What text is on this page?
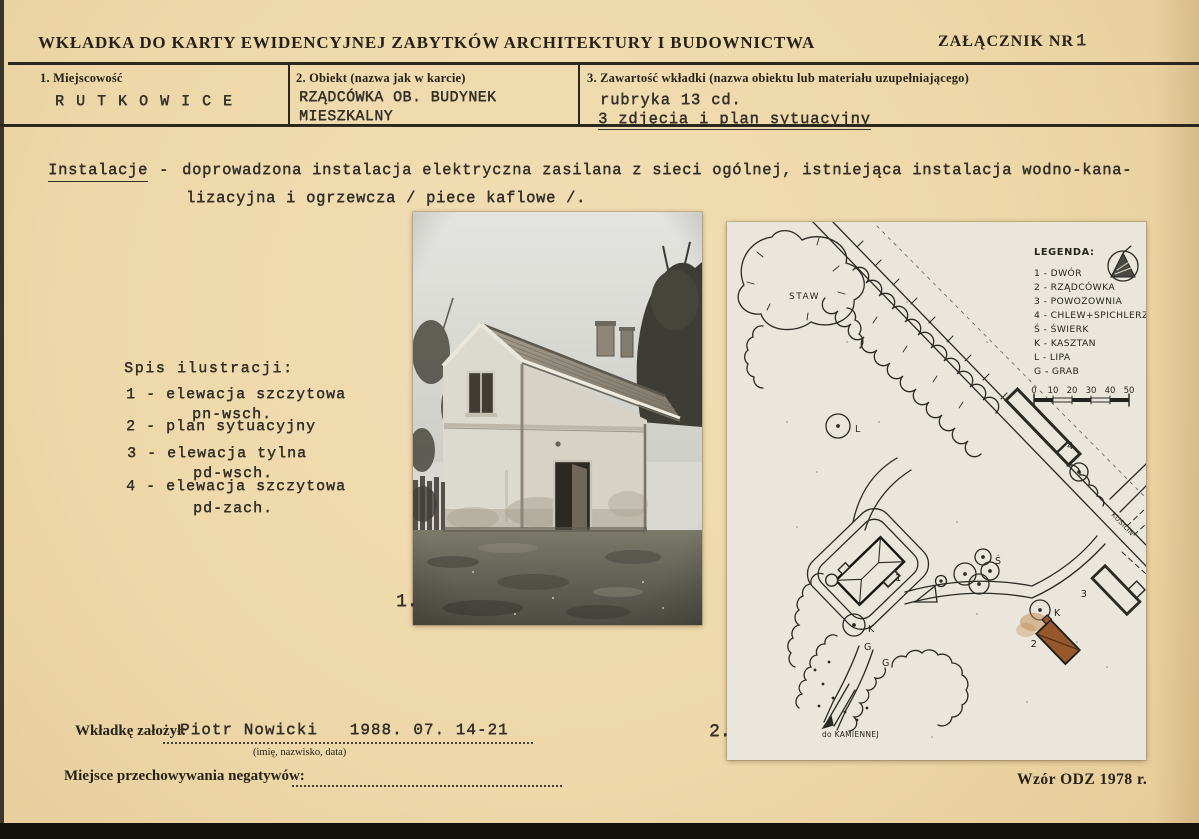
WKŁADKA DO KARTY EWIDENCYJNEJ ZABYTKÓW ARCHITEKTURY I BUDOWNICTWA	ZAŁĄCZNIK NR 1
1. Miejscowość
R U T K O W I C E
2. Obiekt (nazwa jak w karcie)
RZĄDCÓWKA OB. BUDYNEK
MIESZKALNY
3. Zawartość wkładki (nazwa obiektu lub materiału uzupełniającego)
rubryka 13 cd.
3 zdjęcia i plan sytuacyjny
Instalacje - doprowadzona instalacja elektryczna zasilana z sieci ogólnej, istniejąca instalacja wodno-kana-
lizacyjna i ogrzewcza / piece kaflowe /.
Spis ilustracji:
1 - elewacja szczytowa
pn-wsch.
2 - plan sytuacyjny
3 - elewacja tylna
pd-wsch.
4 - elewacja szczytowa
pd-zach.
1.
LEGENDA:
1 - DWÓR
2 - RZĄDCÓWKA
3 - POWOZOWNIA
4 - CHLEW+SPICHLERZ
Ś - ŚWIERK
K - KASZTAN
L - LIPA
G - GRAB
0 10 20 30 40 50
STAW
do KAMIENNEJ
KUSILIN
1
2
3
4
L
Ś
K
K
G
G
2.
Wkładkę założył:
Piotr Nowicki   1988. 07. 14-21
(imię, nazwisko, data)
Miejsce przechowywania negatywów:	Wzór ODZ 1978 r.
